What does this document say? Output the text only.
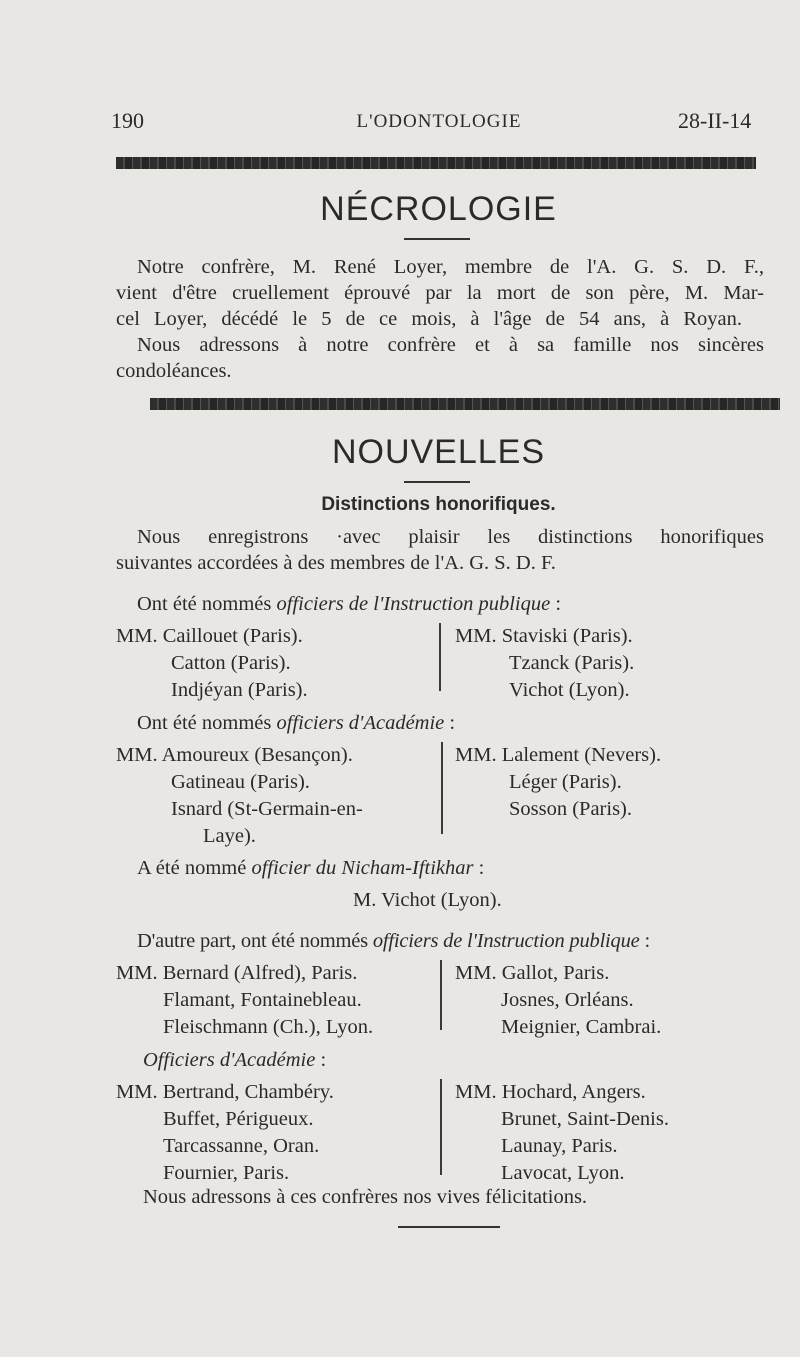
190	L'ODONTOLOGIE	28-II-14
NÉCROLOGIE
Notre confrère, M. René Loyer, membre de l'A. G. S. D. F.,
vient d'être cruellement éprouvé par la mort de son père, M. Mar-
cel Loyer, décédé le 5 de ce mois, à l'âge de 54 ans, à Royan.
Nous adressons à notre confrère et à sa famille nos sincères
condoléances.
NOUVELLES
Distinctions honorifiques.
Nous enregistrons ·avec plaisir les distinctions honorifiques
suivantes accordées à des membres de l'A. G. S. D. F.
Ont été nommés officiers de l'Instruction publique :
MM. Caillouet (Paris).
Catton (Paris).
Indjéyan (Paris).
MM. Staviski (Paris).
Tzanck (Paris).
Vichot (Lyon).
Ont été nommés officiers d'Académie :
MM. Amoureux (Besançon).
Gatineau (Paris).
Isnard (St-Germain-en-
Laye).
MM. Lalement (Nevers).
Léger (Paris).
Sosson (Paris).
A été nommé officier du Nicham-Iftikhar :
M. Vichot (Lyon).
D'autre part, ont été nommés officiers de l'Instruction publique :
MM. Bernard (Alfred), Paris.
Flamant, Fontainebleau.
Fleischmann (Ch.), Lyon.
MM. Gallot, Paris.
Josnes, Orléans.
Meignier, Cambrai.
Officiers d'Académie :
MM. Bertrand, Chambéry.
Buffet, Périgueux.
Tarcassanne, Oran.
Fournier, Paris.
MM. Hochard, Angers.
Brunet, Saint-Denis.
Launay, Paris.
Lavocat, Lyon.
Nous adressons à ces confrères nos vives félicitations.
